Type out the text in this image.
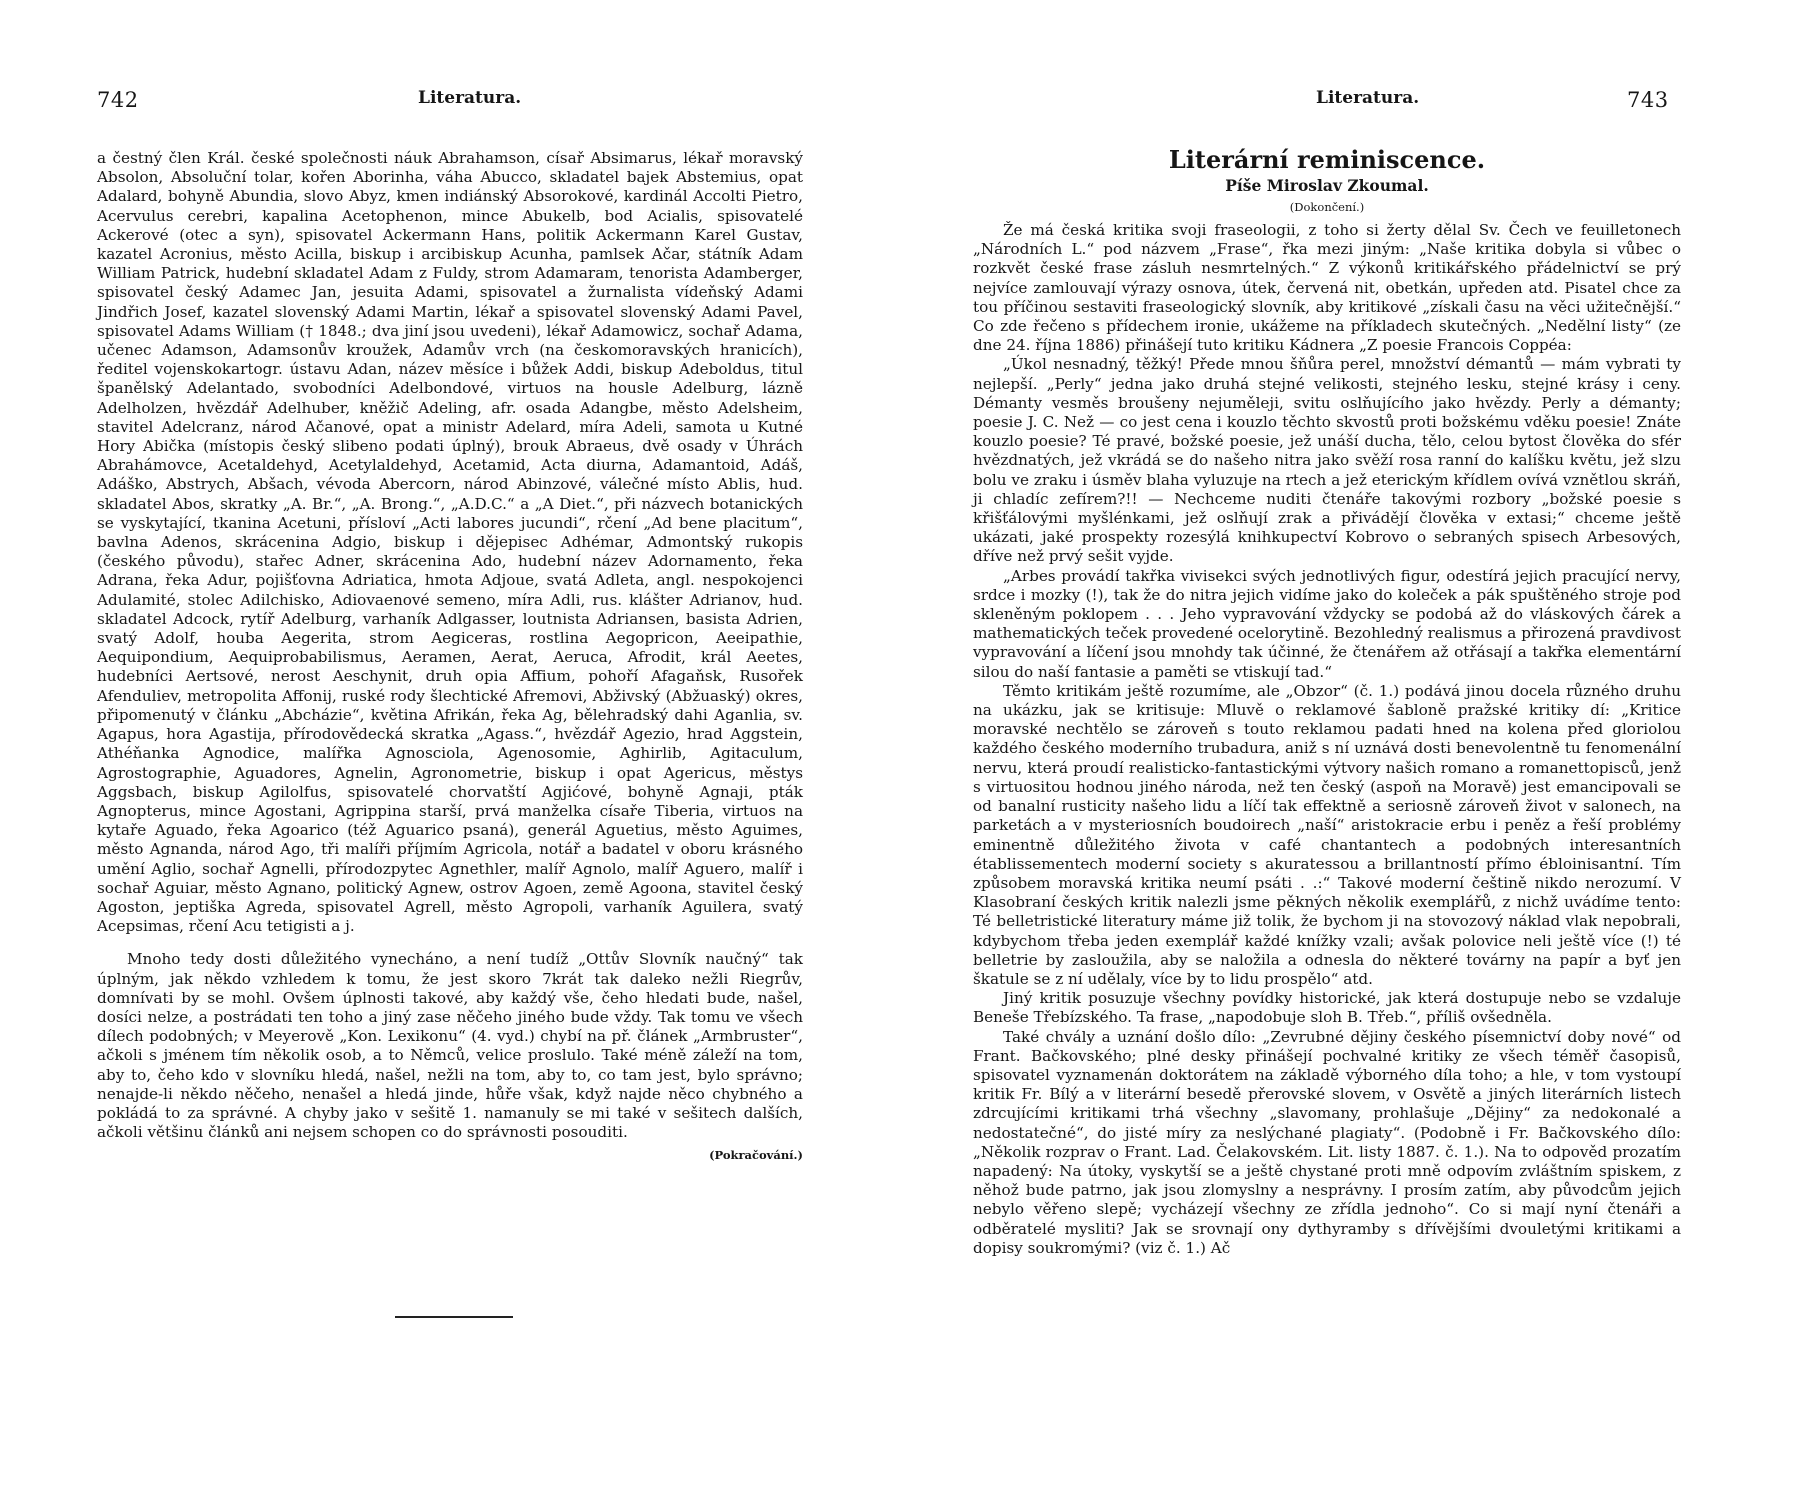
742	Literatura.

a čestný člen Král. české společnosti náuk Abrahamson, císař Absimarus, lékař moravský Absolon, Absoluční tolar, kořen Aborinha, váha Abucco, skladatel bajek Abstemius, opat Adalard, bohyně Abundia, slovo Abyz, kmen indiánský Absorokové, kardinál Accolti Pietro, Acervulus cerebri, kapalina Acetophenon, mince Abukelb, bod Acialis, spisovatelé Ackerové (otec a syn), spisovatel Ackermann Hans, politik Ackermann Karel Gustav, kazatel Acronius, město Acilla, biskup i arcibiskup Acunha, pamlsek Ačar, státník Adam William Patrick, hudební skladatel Adam z Fuldy, strom Adamaram, tenorista Adamberger, spisovatel český Adamec Jan, jesuita Adami, spisovatel a žurnalista vídeňský Adami Jindřich Josef, kazatel slovenský Adami Martin, lékař a spisovatel slovenský Adami Pavel, spisovatel Adams William († 1848.; dva jiní jsou uvedeni), lékař Adamowicz, sochař Adama, učenec Adamson, Adamsonův kroužek, Adamův vrch (na českomoravských hranicích), ředitel vojenskokartogr. ústavu Adan, název měsíce i bůžek Addi, biskup Adeboldus, titul španělský Adelantado, svobodníci Adelbondové, virtuos na housle Adelburg, lázně Adelholzen, hvězdář Adelhuber, kněžič Adeling, afr. osada Adangbe, město Adelsheim, stavitel Adelcranz, národ Ačanové, opat a ministr Adelard, míra Adeli, samota u Kutné Hory Abička (místopis český slibeno podati úplný), brouk Abraeus, dvě osady v Úhrách Abrahámovce, Acetaldehyd, Acetylaldehyd, Acetamid, Acta diurna, Adamantoid, Adáš, Adáško, Abstrych, Abšach, vévoda Abercorn, národ Abinzové, válečné místo Ablis, hud. skladatel Abos, skratky „A. Br.“, „A. Brong.“, „A.D.C.“ a „A Diet.“, při názvech botanických se vyskytající, tkanina Acetuni, přísloví „Acti labores jucundi“, rčení „Ad bene placitum“, bavlna Adenos, skrácenina Adgio, biskup i dějepisec Adhémar, Admontský rukopis (českého původu), stařec Adner, skrácenina Ado, hudební název Adornamento, řeka Adrana, řeka Adur, pojišťovna Adriatica, hmota Adjoue, svatá Adleta, angl. nespokojenci Adulamité, stolec Adilchisko, Adiovaenové semeno, míra Adli, rus. klášter Adrianov, hud. skladatel Adcock, rytíř Adelburg, varhaník Adlgasser, loutnista Adriansen, basista Adrien, svatý Adolf, houba Aegerita, strom Aegiceras, rostlina Aegopricon, Aeeipathie, Aequipondium, Aequiprobabilismus, Aeramen, Aerat, Aeruca, Afrodit, král Aeetes, hudebníci Aertsové, nerost Aeschynit, druh opia Affium, pohoří Afagaňsk, Rusořek Afenduliev, metropolita Affonij, ruské rody šlechtické Afremovi, Abživský (Abžuaský) okres, připomenutý v článku „Abcházie“, květina Afrikán, řeka Ag, bělehradský dahi Aganlia, sv. Agapus, hora Agastija, přírodovědecká skratka „Agass.“, hvězdář Agezio, hrad Aggstein, Athéňanka Agnodice, malířka Agnosciola, Agenosomie, Aghirlib, Agitaculum, Agrostographie, Aguadores, Agnelin, Agronometrie, biskup i opat Agericus, městys Aggsbach, biskup Agilolfus, spisovatelé chorvatští Agjićové, bohyně Agnaji, pták Agnopterus, mince Agostani, Agrippina starší, prvá manželka císaře Tiberia, virtuos na kytaře Aguado, řeka Agoarico (též Aguarico psaná), generál Aguetius, město Aguimes, město Agnanda, národ Ago, tři malíři příjmím Agricola, notář a badatel v oboru krásného umění Aglio, sochař Agnelli, přírodozpytec Agnethler, malíř Agnolo, malíř Aguero, malíř i sochař Aguiar, město Agnano, politický Agnew, ostrov Agoen, země Agoona, stavitel český Agoston, jeptiška Agreda, spisovatel Agrell, město Agropoli, varhaník Aguilera, svatý Acepsimas, rčení Acu tetigisti a j.

Mnoho tedy dosti důležitého vynecháno, a není tudíž „Ottův Slovník naučný“ tak úplným, jak někdo vzhledem k tomu, že jest skoro 7krát tak daleko nežli Riegrův, domnívati by se mohl. Ovšem úplnosti takové, aby každý vše, čeho hledati bude, našel, dosíci nelze, a postrádati ten toho a jiný zase něčeho jiného bude vždy. Tak tomu ve všech dílech podobných; v Meyerově „Kon. Lexikonu“ (4. vyd.) chybí na př. článek „Armbruster“, ačkoli s jménem tím několik osob, a to Němců, velice proslulo. Také méně záleží na tom, aby to, čeho kdo v slovníku hledá, našel, nežli na tom, aby to, co tam jest, bylo správno; nenajde-li někdo něčeho, nenašel a hledá jinde, hůře však, když najde něco chybného a pokládá to za správné. A chyby jako v sešitě 1. namanuly se mi také v sešitech dalších, ačkoli většinu článků ani nejsem schopen co do správnosti posouditi.

(Pokračování.)
Literatura.	743
Literární reminiscence.
Píše Miroslav Zkoumal.
(Dokončení.)

Že má česká kritika svoji fraseologii, z toho si žerty dělal Sv. Čech ve feuilletonech „Národních L.“ pod názvem „Frase“, řka mezi jiným: „Naše kritika dobyla si vůbec o rozkvět české frase zásluh nesmrtelných.“ Z výkonů kritikářského přádelnictví se prý nejvíce zamlouvají výrazy osnova, útek, červená nit, obetkán, upředen atd. Pisatel chce za tou příčinou sestaviti fraseologický slovník, aby kritikové „získali času na věci užitečnější.“ Co zde řečeno s přídechem ironie, ukážeme na příkladech skutečných. „Nedělní listy“ (ze dne 24. října 1886) přinášejí tuto kritiku Kádnera „Z poesie Francois Coppéa:

„Úkol nesnadný, těžký! Přede mnou šňůra perel, množství démantů — mám vybrati ty nejlepší. „Perly“ jedna jako druhá stejné velikosti, stejného lesku, stejné krásy i ceny. Démanty vesměs broušeny nejuměleji, svitu oslňujícího jako hvězdy. Perly a démanty; poesie J. C. Než — co jest cena i kouzlo těchto skvostů proti božskému vděku poesie! Znáte kouzlo poesie? Té pravé, božské poesie, jež unáší ducha, tělo, celou bytost člověka do sfér hvězdnatých, jež vkrádá se do našeho nitra jako svěží rosa ranní do kalíšku květu, jež slzu bolu ve zraku i úsměv blaha vyluzuje na rtech a jež eterickým křídlem ovívá vznětlou skráň, ji chladíc zefírem?!! — Nechceme nuditi čtenáře takovými rozbory „božské poesie s křišťálovými myšlénkami, jež oslňují zrak a přivádějí člověka v extasi;“ chceme ještě ukázati, jaké prospekty rozesýlá knihkupectví Kobrovo o sebraných spisech Arbesových, dříve než prvý sešit vyjde.

„Arbes provádí takřka vivisekci svých jednotlivých figur, odestírá jejich pracující nervy, srdce i mozky (!), tak že do nitra jejich vidíme jako do koleček a pák spuštěného stroje pod skleněným poklopem . . . Jeho vypravování vždycky se podobá až do vláskových čárek a mathematických teček provedené ocelorytině. Bezohledný realismus a přirozená pravdivost vypravování a líčení jsou mnohdy tak účinné, že čtenářem až otřásají a takřka elementární silou do naší fantasie a paměti se vtiskují tad.“

Těmto kritikám ještě rozumíme, ale „Obzor“ (č. 1.) podává jinou docela různého druhu na ukázku, jak se kritisuje: Mluvě o reklamové šabloně pražské kritiky dí: „Kritice moravské nechtělo se zároveň s touto reklamou padati hned na kolena před gloriolou každého českého moderního trubadura, aniž s ní uznává dosti benevolentně tu fenomenální nervu, která proudí realisticko-fantastickými výtvory našich romano a romanettopisců, jenž s virtuositou hodnou jiného národa, než ten český (aspoň na Moravě) jest emancipovali se od banalní rusticity našeho lidu a líčí tak effektně a seriosně zároveň život v salonech, na parketách a v mysteriosních boudoirech „naší“ aristokracie erbu i peněz a řeší problémy eminentně důležitého života v café chantantech a podobných interesantních établissementech moderní society s akuratessou a brillantností přímo ébloinisantní. Tím způsobem moravská kritika neumí psáti . .:“ Takové moderní češtině nikdo nerozumí. V Klasobraní českých kritik nalezli jsme pěkných několik exemplářů, z nichž uvádíme tento: Té belletristické literatury máme již tolik, že bychom ji na stovozový náklad vlak nepobrali, kdybychom třeba jeden exemplář každé knížky vzali; avšak polovice neli ještě více (!) té belletrie by zasloužila, aby se naložila a odnesla do některé továrny na papír a byť jen škatule se z ní udělaly, více by to lidu prospělo“ atd.

Jiný kritik posuzuje všechny povídky historické, jak která dostupuje nebo se vzdaluje Beneše Třebízského. Ta frase, „napodobuje sloh B. Třeb.“, příliš ovšedněla.

Také chvály a uznání došlo dílo: „Zevrubné dějiny českého písemnictví doby nové“ od Frant. Bačkovského; plné desky přinášejí pochvalné kritiky ze všech téměř časopisů, spisovatel vyznamenán doktorátem na základě výborného díla toho; a hle, v tom vystoupí kritik Fr. Bílý a v literární besedě přerovské slovem, v Osvětě a jiných literárních listech zdrcujícími kritikami trhá všechny „slavomany, prohlašuje „Dějiny“ za nedokonalé a nedostatečné“, do jisté míry za neslýchané plagiaty“. (Podobně i Fr. Bačkovského dílo: „Několik rozprav o Frant. Lad. Čelakovském. Lit. listy 1887. č. 1.). Na to odpověd prozatím napadený: Na útoky, vyskytší se a ještě chystané proti mně odpovím zvláštním spiskem, z něhož bude patrno, jak jsou zlomyslny a nesprávny. I prosím zatím, aby původcům jejich nebylo věřeno slepě; vycházejí všechny ze zřídla jednoho“. Co si mají nyní čtenáři a odběratelé mysliti? Jak se srovnají ony dythyramby s dřívějšími dvouletými kritikami a dopisy soukromými? (viz č. 1.) Ač
